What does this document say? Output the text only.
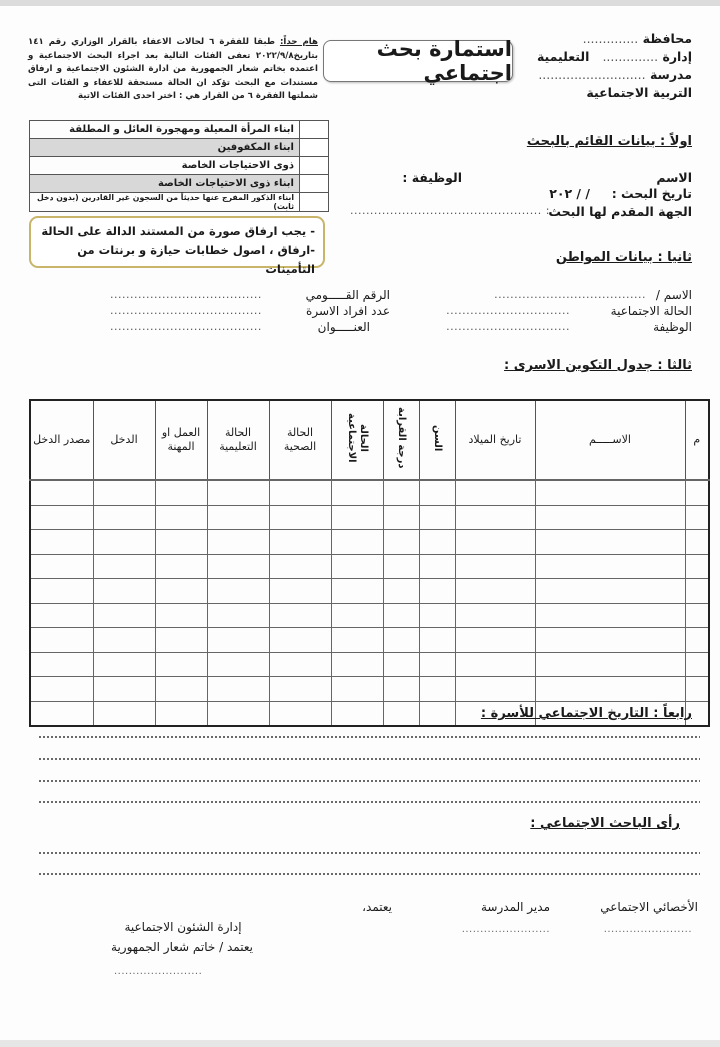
محافظة ..............
إدارة ..............   التعليمية
مدرسة ...........................
التربية الاجتماعية
استمارة بحث اجتماعي
هام جداً: طبقا للفقرة ٦ لحالات الاعفاء بالقرار الوزاري رقم ١٤١ بتاريخ٢٠٢٢/٩/٨ تعفى الفئات التالية بعد اجراء البحث الاجتماعية و اعتمده بخاتم شعار الجمهورية من ادارة الشئون الاجتماعية و ارفاق مستندات مع البحث تؤكد ان الحالة مستحقة للاعفاء و الفئات التى شملتها الفقرة ٦ من القرار هي : اختر احدى الفئات الاتية
	ابناء المرأة المعيلة ومهجورة العائل و المطلقة
	ابناء المكفوفين
	ذوى الاحتياجات الخاصة
	ابناء ذوى الاحتياجات الخاصة
	ابناء الذكور المفرج عنها حديثاً من السجون غير القادرين (بدون دخل ثابت)
- يجب ارفاق صورة من المستند الدالة على الحالة
-ارفاق ، اصول خطابات حيازة و برنتات من التأمينات
اولاً : بيانات القائم بالبحث
الاسم
الوظيفة :
تاريخ البحث :     / / ٢٠٢
الجهة المقدم لها البحث
: ................................................
ثانيا : بيانات المواطن
الاسم /
......................................
الحالة الاجتماعية
...............................
الوظيفة
...............................
الرقم القـــــومي
......................................
عدد افراد الاسرة
......................................
العنـــــوان
......................................
ثالثا : جدول التكوين الاسرى :
م	الاســـــم	تاريخ الميلاد	السن	درجة القرابة	الحالة الاجتماعية	الحالة الصحية	الحالة التعليمية	العمل او المهنة	الدخل	مصدر الدخل

رابعاً : التاريخ الاجتماعي للأسرة :
رأى الباحث الاجتماعي :
الأخصائي الاجتماعي
........................
مدير المدرسة
........................
يعتمد،
إدارة الشئون الاجتماعية
يعتمد / خاتم شعار الجمهورية
........................
